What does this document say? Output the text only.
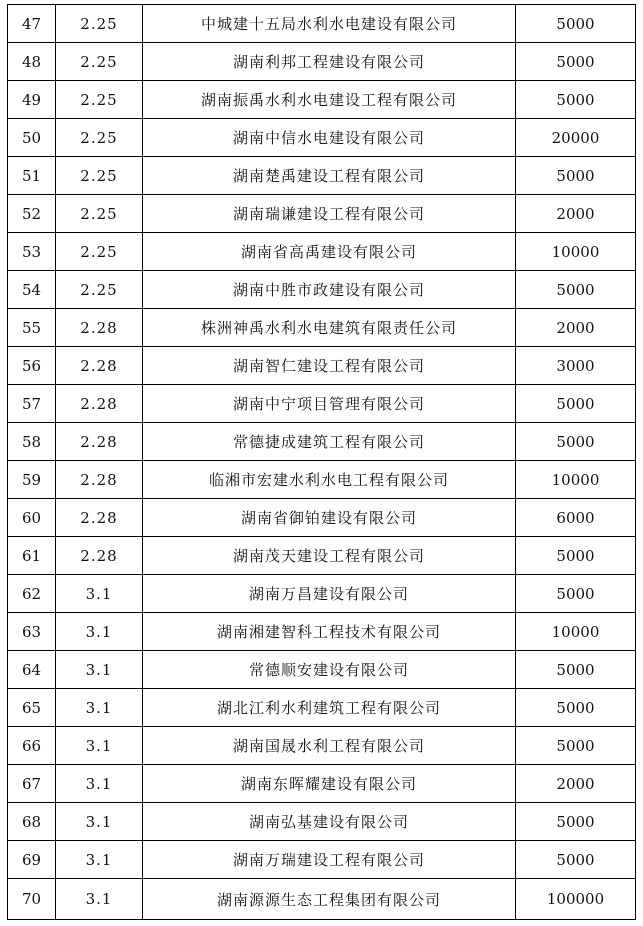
47	2.25	中城建十五局水利水电建设有限公司	5000
48	2.25	湖南利邦工程建设有限公司	5000
49	2.25	湖南振禹水利水电建设工程有限公司	5000
50	2.25	湖南中信水电建设有限公司	20000
51	2.25	湖南楚禹建设工程有限公司	5000
52	2.25	湖南瑞谦建设工程有限公司	2000
53	2.25	湖南省高禹建设有限公司	10000
54	2.25	湖南中胜市政建设有限公司	5000
55	2.28	株洲神禹水利水电建筑有限责任公司	2000
56	2.28	湖南智仁建设工程有限公司	3000
57	2.28	湖南中宁项目管理有限公司	5000
58	2.28	常德捷成建筑工程有限公司	5000
59	2.28	临湘市宏建水利水电工程有限公司	10000
60	2.28	湖南省御铂建设有限公司	6000
61	2.28	湖南茂天建设工程有限公司	5000
62	3.1	湖南万昌建设有限公司	5000
63	3.1	湖南湘建智科工程技术有限公司	10000
64	3.1	常德顺安建设有限公司	5000
65	3.1	湖北江利水利建筑工程有限公司	5000
66	3.1	湖南国晟水利工程有限公司	5000
67	3.1	湖南东晖耀建设有限公司	2000
68	3.1	湖南弘基建设有限公司	5000
69	3.1	湖南万瑞建设工程有限公司	5000
70	3.1	湖南源源生态工程集团有限公司	100000
